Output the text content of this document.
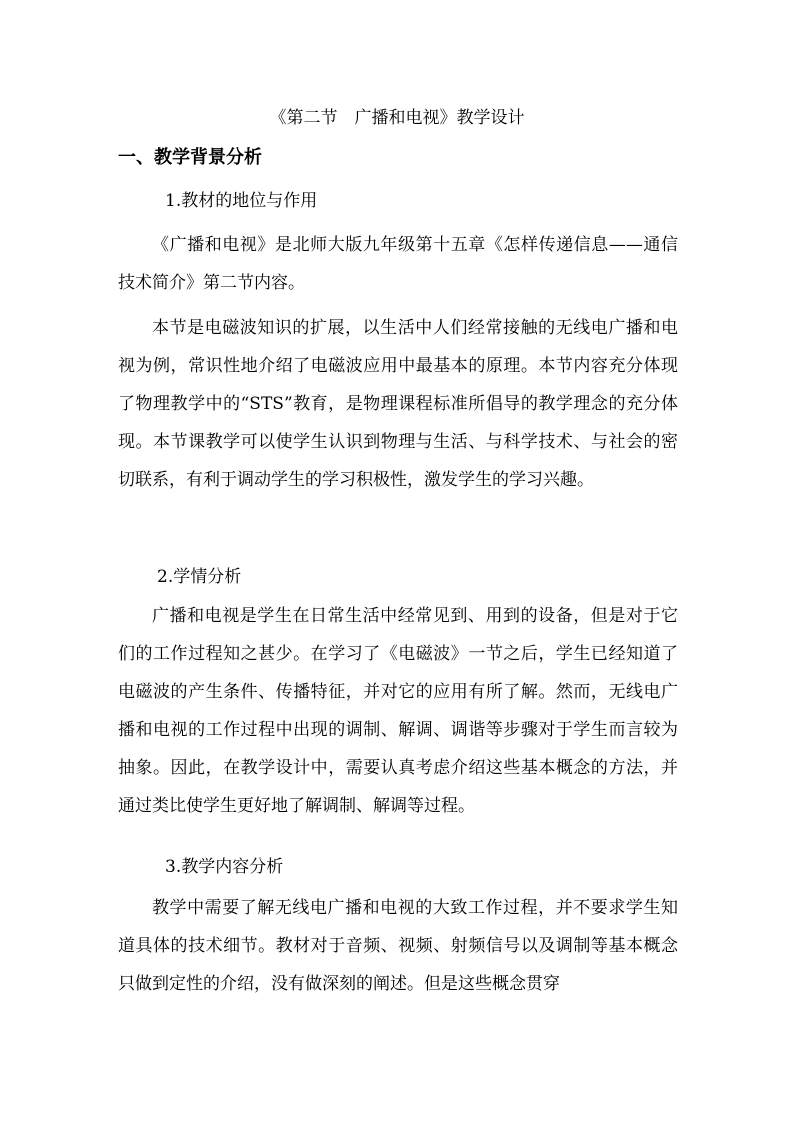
《第二节　广播和电视》教学设计
一、教学背景分析
1.教材的地位与作用

《广播和电视》是北师大版九年级第十五章《怎样传递信息——通信技术简介》第二节内容。

本节是电磁波知识的扩展，以生活中人们经常接触的无线电广播和电视为例，常识性地介绍了电磁波应用中最基本的原理。本节内容充分体现了物理教学中的“STS”教育，是物理课程标准所倡导的教学理念的充分体现。本节课教学可以使学生认识到物理与生活、与科学技术、与社会的密切联系，有利于调动学生的学习积极性，激发学生的学习兴趣。

2.学情分析

广播和电视是学生在日常生活中经常见到、用到的设备，但是对于它们的工作过程知之甚少。在学习了《电磁波》一节之后，学生已经知道了电磁波的产生条件、传播特征，并对它的应用有所了解。然而，无线电广播和电视的工作过程中出现的调制、解调、调谐等步骤对于学生而言较为抽象。因此，在教学设计中，需要认真考虑介绍这些基本概念的方法，并通过类比使学生更好地了解调制、解调等过程。

3.教学内容分析

教学中需要了解无线电广播和电视的大致工作过程，并不要求学生知道具体的技术细节。教材对于音频、视频、射频信号以及调制等基本概念只做到定性的介绍，没有做深刻的阐述。但是这些概念贯穿
